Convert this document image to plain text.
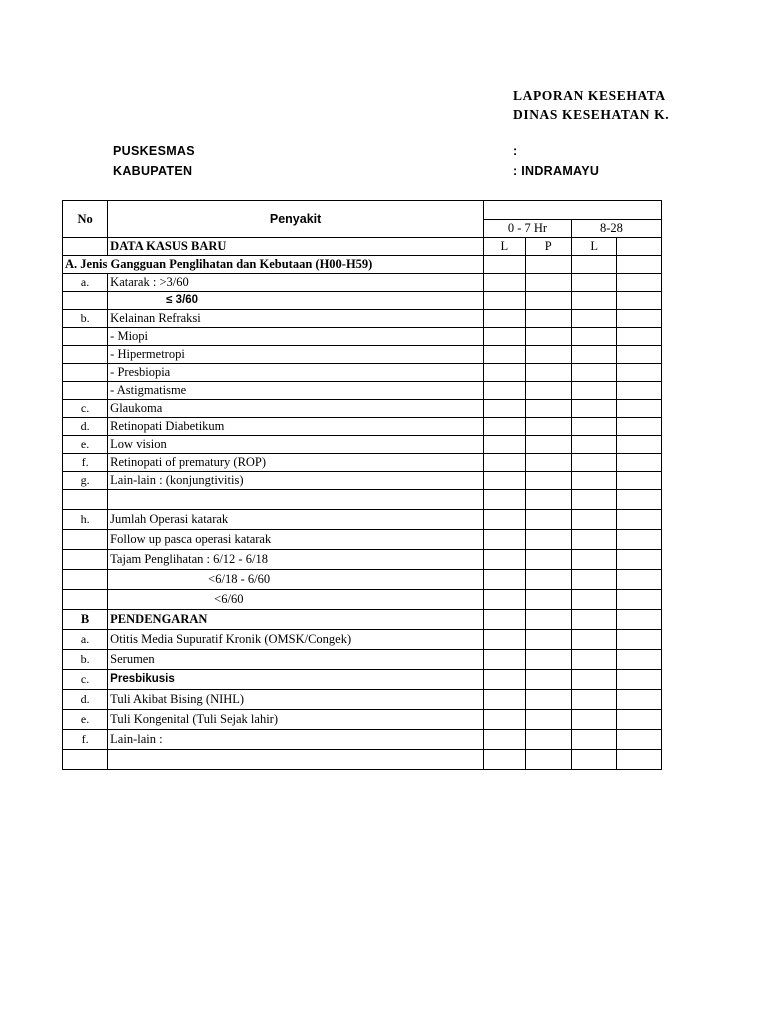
LAPORAN KESEHATA
DINAS KESEHATAN K.
PUSKESMAS	:
KABUPATEN	: INDRAMAYU
No	Penyakit				
		0 - 7 Hr		8-28	
	DATA KASUS BARU	L	P	L	
A. Jenis Gangguan Penglihatan dan Kebutaan (H00-H59)					
a.	Katarak : >3/60				
	≤ 3/60				
b.	Kelainan Refraksi				
	- Miopi				
	- Hipermetropi				
	- Presbiopia				
	- Astigmatisme				
c.	Glaukoma				
d.	Retinopati Diabetikum				
e.	Low vision				
f.	Retinopati of prematury (ROP)				
g.	Lain-lain : (konjungtivitis)				

h.	Jumlah Operasi katarak				
	Follow up pasca operasi katarak				
	Tajam Penglihatan : 6/12 - 6/18				
	<6/18 - 6/60				
	<6/60				
B	PENDENGARAN				
a.	Otitis Media Supuratif Kronik (OMSK/Congek)				
b.	Serumen				
c.	Presbikusis				
d.	Tuli Akibat Bising (NIHL)				
e.	Tuli Kongenital (Tuli Sejak lahir)				
f.	Lain-lain :				
